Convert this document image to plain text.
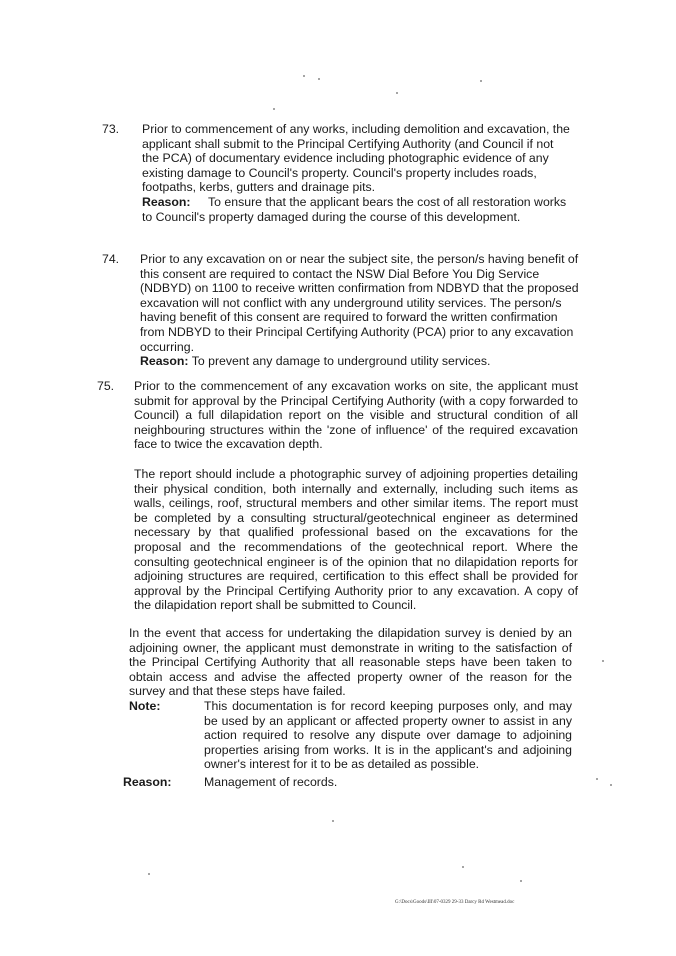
73. Prior to commencement of any works, including demolition and excavation, the applicant shall submit to the Principal Certifying Authority (and Council if not the PCA) of documentary evidence including photographic evidence of any existing damage to Council's property. Council's property includes roads, footpaths, kerbs, gutters and drainage pits.

Reason: To ensure that the applicant bears the cost of all restoration works to Council's property damaged during the course of this development.

74. Prior to any excavation on or near the subject site, the person/s having benefit of this consent are required to contact the NSW Dial Before You Dig Service (NDBYD) on 1100 to receive written confirmation from NDBYD that the proposed excavation will not conflict with any underground utility services. The person/s having benefit of this consent are required to forward the written confirmation from NDBYD to their Principal Certifying Authority (PCA) prior to any excavation occurring.

Reason: To prevent any damage to underground utility services.

75. Prior to the commencement of any excavation works on site, the applicant must submit for approval by the Principal Certifying Authority (with a copy forwarded to Council) a full dilapidation report on the visible and structural condition of all neighbouring structures within the 'zone of influence' of the required excavation face to twice the excavation depth.

The report should include a photographic survey of adjoining properties detailing their physical condition, both internally and externally, including such items as walls, ceilings, roof, structural members and other similar items. The report must be completed by a consulting structural/geotechnical engineer as determined necessary by that qualified professional based on the excavations for the proposal and the recommendations of the geotechnical report. Where the consulting geotechnical engineer is of the opinion that no dilapidation reports for adjoining structures are required, certification to this effect shall be provided for approval by the Principal Certifying Authority prior to any excavation. A copy of the dilapidation report shall be submitted to Council.

In the event that access for undertaking the dilapidation survey is denied by an adjoining owner, the applicant must demonstrate in writing to the satisfaction of the Principal Certifying Authority that all reasonable steps have been taken to obtain access and advise the affected property owner of the reason for the survey and that these steps have failed.

Note:	This documentation is for record keeping purposes only, and may be used by an applicant or affected property owner to assist in any action required to resolve any dispute over damage to adjoining properties arising from works. It is in the applicant's and adjoining owner's interest for it to be as detailed as possible.

Reason:	Management of records.

G:\Docs\Goods\III\07-0329 29-33 Darcy Rd Westmead.doc
